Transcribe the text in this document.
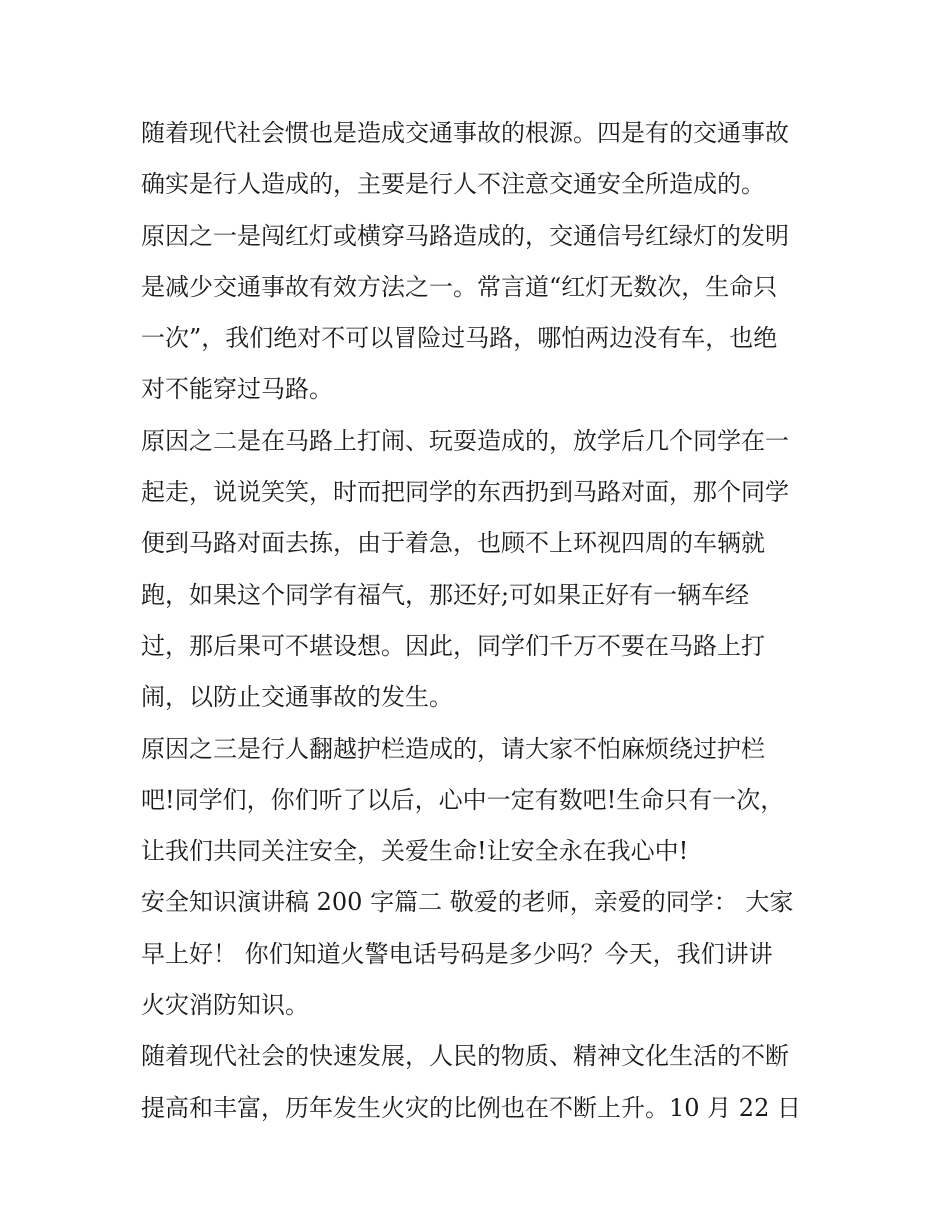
随着现代社会惯也是造成交通事故的根源。四是有的交通事故
确实是行人造成的，主要是行人不注意交通安全所造成的。
原因之一是闯红灯或横穿马路造成的，交通信号红绿灯的发明
是减少交通事故有效方法之一。常言道“红灯无数次，生命只
一次”，我们绝对不可以冒险过马路，哪怕两边没有车，也绝
对不能穿过马路。
原因之二是在马路上打闹、玩耍造成的，放学后几个同学在一
起走，说说笑笑，时而把同学的东西扔到马路对面，那个同学
便到马路对面去拣，由于着急，也顾不上环视四周的车辆就
跑，如果这个同学有福气，那还好;可如果正好有一辆车经
过，那后果可不堪设想。因此，同学们千万不要在马路上打
闹，以防止交通事故的发生。
原因之三是行人翻越护栏造成的，请大家不怕麻烦绕过护栏
吧!同学们，你们听了以后，心中一定有数吧!生命只有一次，
让我们共同关注安全，关爱生命!让安全永在我心中!
安全知识演讲稿 200 字篇二 敬爱的老师，亲爱的同学： 大家
早上好！ 你们知道火警电话号码是多少吗？今天，我们讲讲
火灾消防知识。
随着现代社会的快速发展，人民的物质、精神文化生活的不断
提高和丰富，历年发生火灾的比例也在不断上升。10 月 22 日
